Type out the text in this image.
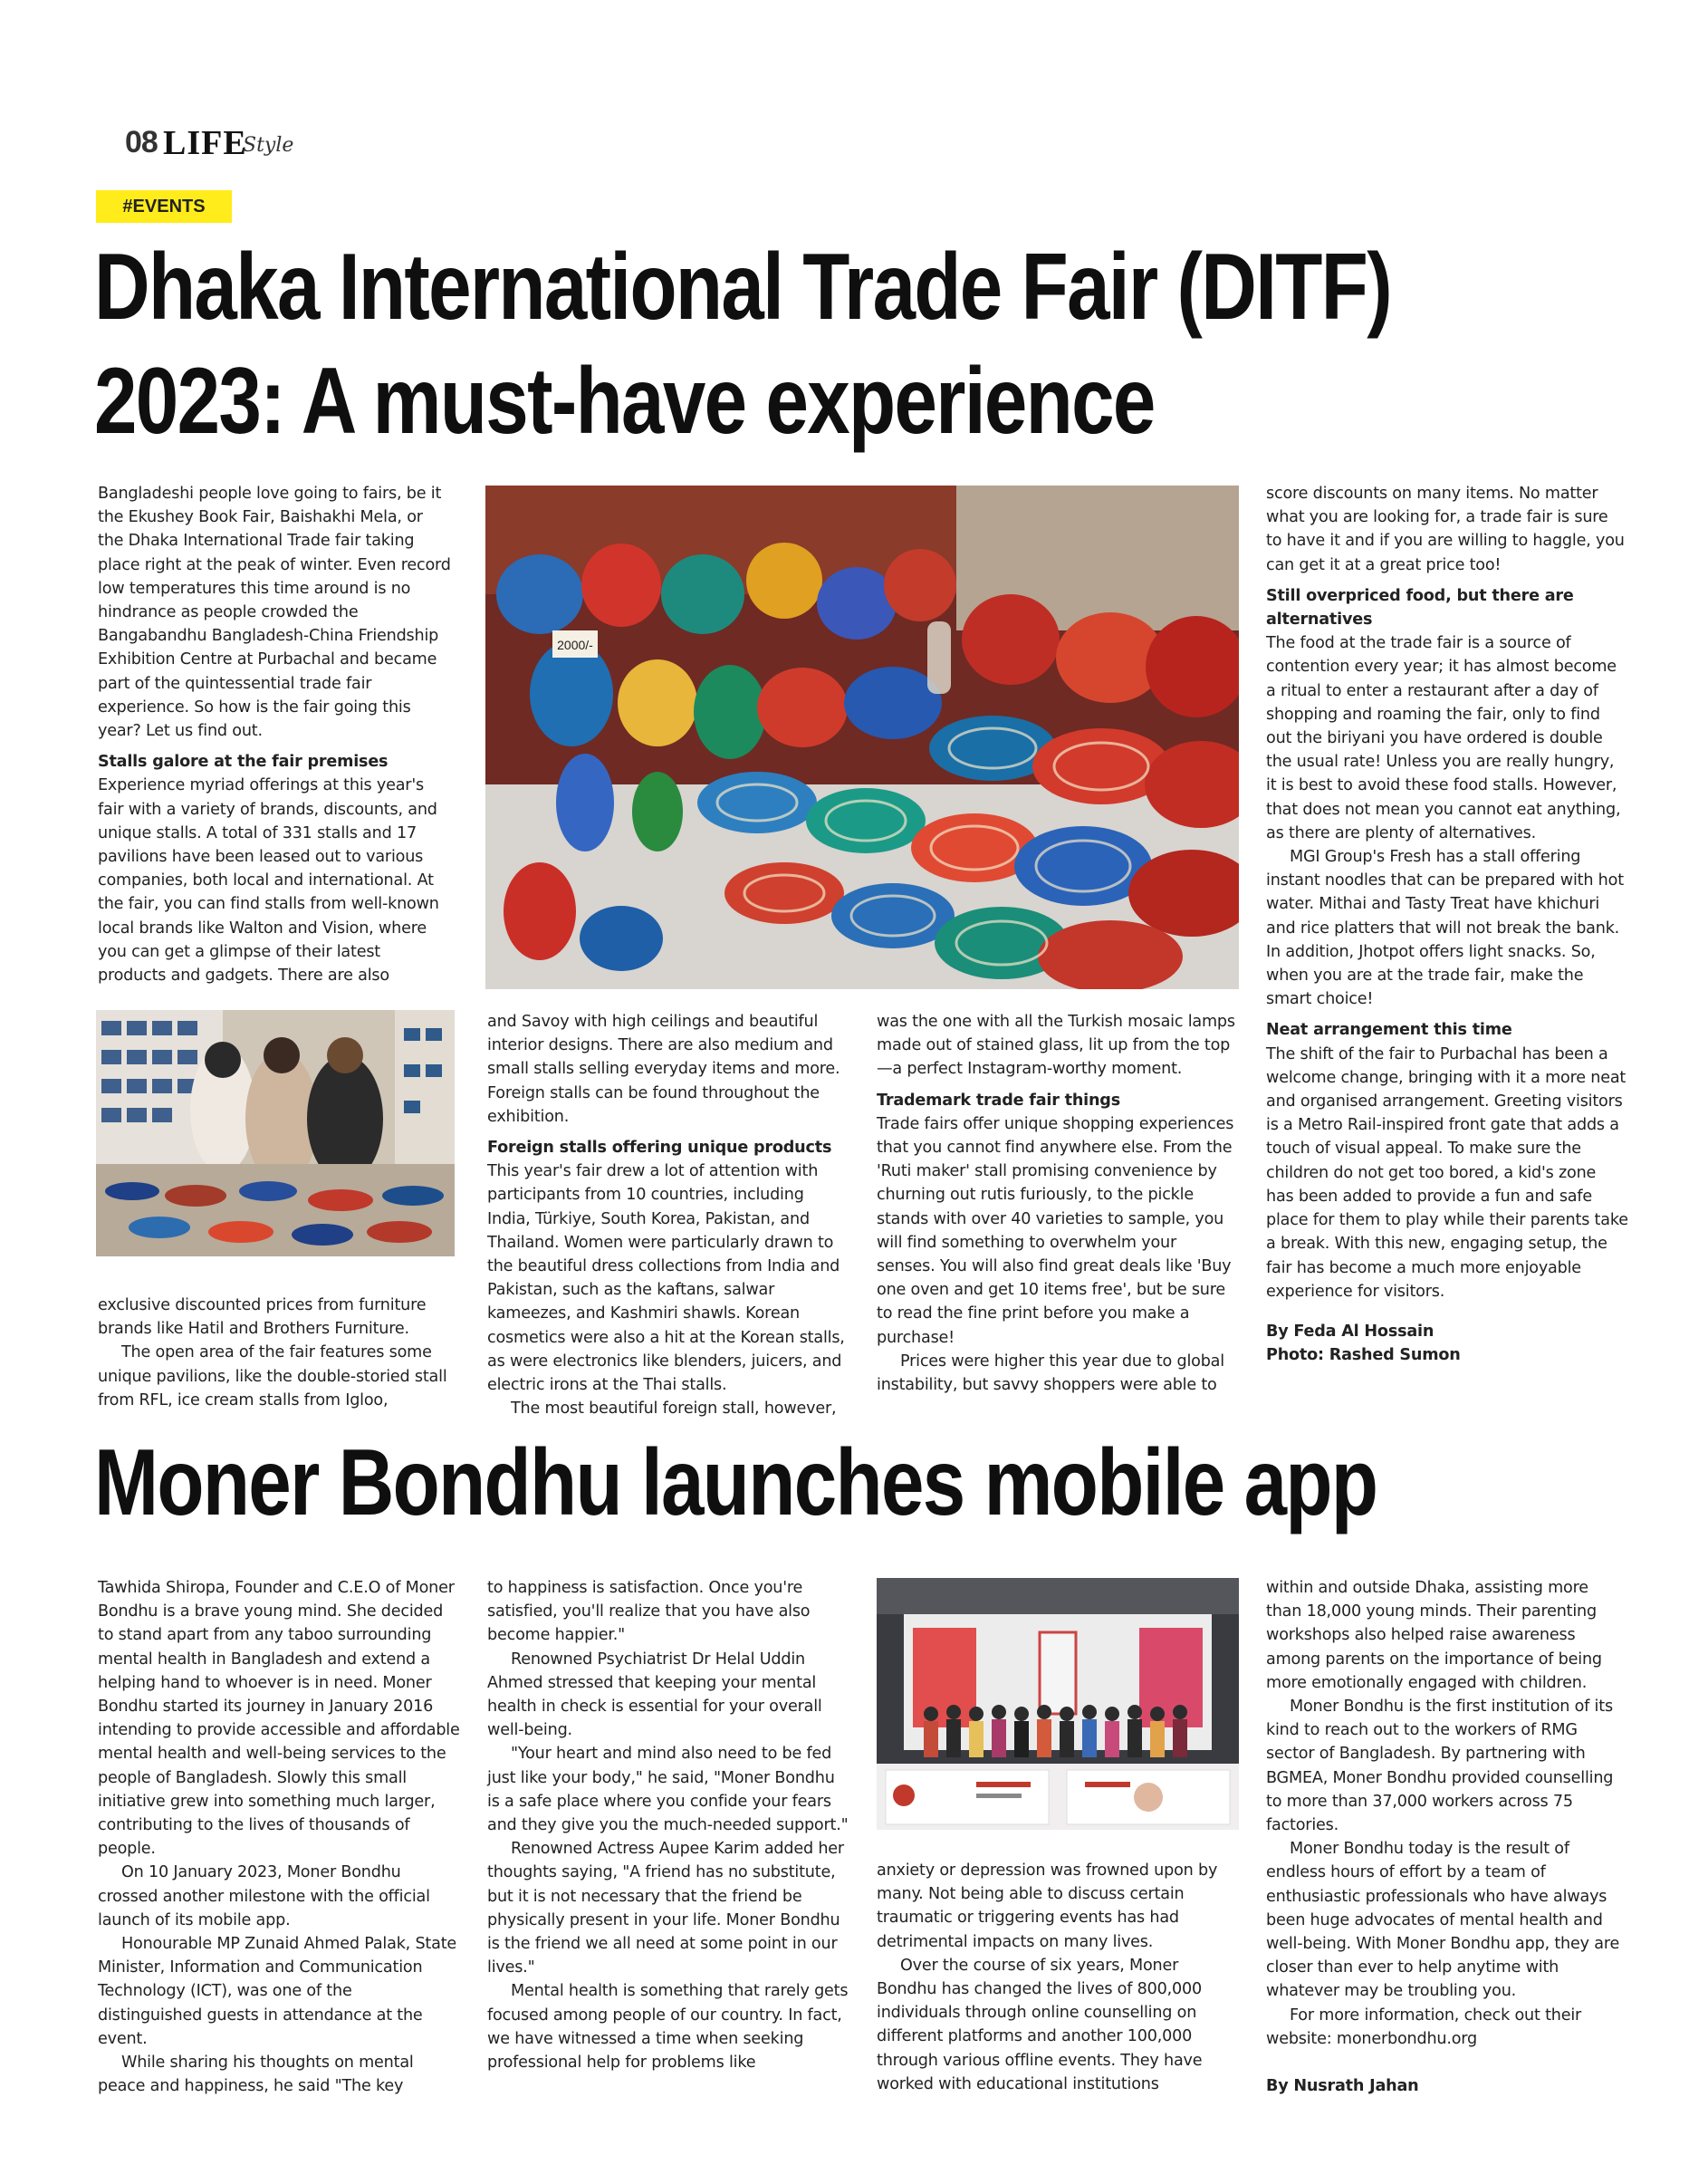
08 LIFE
Style
#EVENTS
Dhaka International Trade Fair (DITF)
2023: A must-have experience

Bangladeshi people love going to fairs, be it the Ekushey Book Fair, Baishakhi Mela, or the Dhaka International Trade fair taking place right at the peak of winter. Even record low temperatures this time around is no hindrance as people crowded the Bangabandhu Bangladesh-China Friendship Exhibition Centre at Purbachal and became part of the quintessential trade fair experience. So how is the fair going this year? Let us find out.

Stalls galore at the fair premises

Experience myriad offerings at this year's fair with a variety of brands, discounts, and unique stalls. A total of 331 stalls and 17 pavilions have been leased out to various companies, both local and international. At the fair, you can find stalls from well-known local brands like Walton and Vision, where you can get a glimpse of their latest products and gadgets. There are also

exclusive discounted prices from furniture brands like Hatil and Brothers Furniture.

The open area of the fair features some unique pavilions, like the double-storied stall from RFL, ice cream stalls from Igloo,

2000/-

and Savoy with high ceilings and beautiful interior designs. There are also medium and small stalls selling everyday items and more. Foreign stalls can be found throughout the exhibition.

Foreign stalls offering unique products

This year's fair drew a lot of attention with participants from 10 countries, including India, Türkiye, South Korea, Pakistan, and Thailand. Women were particularly drawn to the beautiful dress collections from India and Pakistan, such as the kaftans, salwar kameezes, and Kashmiri shawls. Korean cosmetics were also a hit at the Korean stalls, as were electronics like blenders, juicers, and electric irons at the Thai stalls.

The most beautiful foreign stall, however,

was the one with all the Turkish mosaic lamps made out of stained glass, lit up from the top—a perfect Instagram-worthy moment.

Trademark trade fair things

Trade fairs offer unique shopping experiences that you cannot find anywhere else. From the 'Ruti maker' stall promising convenience by churning out rutis furiously, to the pickle stands with over 40 varieties to sample, you will find something to overwhelm your senses. You will also find great deals like 'Buy one oven and get 10 items free', but be sure to read the fine print before you make a purchase!

Prices were higher this year due to global instability, but savvy shoppers were able to

score discounts on many items. No matter what you are looking for, a trade fair is sure to have it and if you are willing to haggle, you can get it at a great price too!

Still overpriced food, but there are alternatives

The food at the trade fair is a source of contention every year; it has almost become a ritual to enter a restaurant after a day of shopping and roaming the fair, only to find out the biriyani you have ordered is double the usual rate! Unless you are really hungry, it is best to avoid these food stalls. However, that does not mean you cannot eat anything, as there are plenty of alternatives.

MGI Group's Fresh has a stall offering instant noodles that can be prepared with hot water. Mithai and Tasty Treat have khichuri and rice platters that will not break the bank. In addition, Jhotpot offers light snacks. So, when you are at the trade fair, make the smart choice!

Neat arrangement this time

The shift of the fair to Purbachal has been a welcome change, bringing with it a more neat and organised arrangement. Greeting visitors is a Metro Rail-inspired front gate that adds a touch of visual appeal. To make sure the children do not get too bored, a kid's zone has been added to provide a fun and safe place for them to play while their parents take a break. With this new, engaging setup, the fair has become a much more enjoyable experience for visitors.

By Feda Al Hossain

Photo: Rashed Sumon

Moner Bondhu launches mobile app

Tawhida Shiropa, Founder and C.E.O of Moner Bondhu is a brave young mind. She decided to stand apart from any taboo surrounding mental health in Bangladesh and extend a helping hand to whoever is in need. Moner Bondhu started its journey in January 2016 intending to provide accessible and affordable mental health and well-being services to the people of Bangladesh. Slowly this small initiative grew into something much larger, contributing to the lives of thousands of people.

On 10 January 2023, Moner Bondhu crossed another milestone with the official launch of its mobile app.

Honourable MP Zunaid Ahmed Palak, State Minister, Information and Communication Technology (ICT), was one of the distinguished guests in attendance at the event.

While sharing his thoughts on mental peace and happiness, he said "The key

to happiness is satisfaction. Once you're satisfied, you'll realize that you have also become happier."

Renowned Psychiatrist Dr Helal Uddin Ahmed stressed that keeping your mental health in check is essential for your overall well-being.

"Your heart and mind also need to be fed just like your body," he said, "Moner Bondhu is a safe place where you confide your fears and they give you the much-needed support."

Renowned Actress Aupee Karim added her thoughts saying, "A friend has no substitute, but it is not necessary that the friend be physically present in your life. Moner Bondhu is the friend we all need at some point in our lives."

Mental health is something that rarely gets focused among people of our country. In fact, we have witnessed a time when seeking professional help for problems like

anxiety or depression was frowned upon by many. Not being able to discuss certain traumatic or triggering events has had detrimental impacts on many lives.

Over the course of six years, Moner Bondhu has changed the lives of 800,000 individuals through online counselling on different platforms and another 100,000 through various offline events. They have worked with educational institutions

within and outside Dhaka, assisting more than 18,000 young minds. Their parenting workshops also helped raise awareness among parents on the importance of being more emotionally engaged with children.

Moner Bondhu is the first institution of its kind to reach out to the workers of RMG sector of Bangladesh. By partnering with BGMEA, Moner Bondhu provided counselling to more than 37,000 workers across 75 factories.

Moner Bondhu today is the result of endless hours of effort by a team of enthusiastic professionals who have always been huge advocates of mental health and well-being. With Moner Bondhu app, they are closer than ever to help anytime with whatever may be troubling you.

For more information, check out their website: monerbondhu.org

By Nusrath Jahan
